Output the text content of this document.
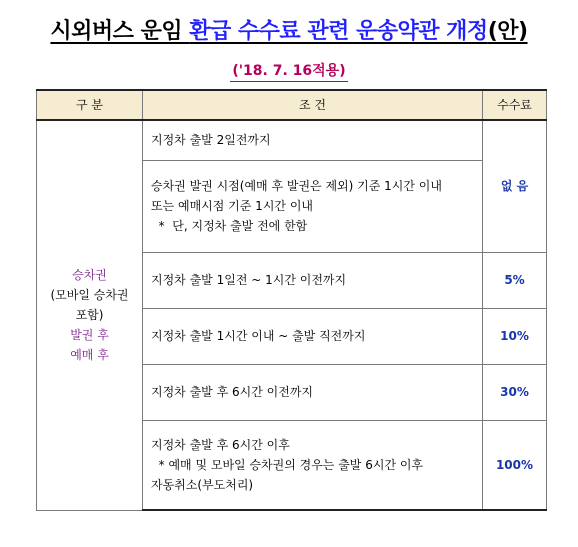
시외버스 운임 환급 수수료 관련 운송약관 개정(안)
('18. 7. 16적용)
구 분	조 건	수수료

승차권
(모바일 승차권
포함)
발권 후
예매 후	지정차 출발 2일전까지	없 음

	승차권 발권 시점(예매 후 발권은 제외) 기준 1시간 이내
또는 예매시점 기준 1시간 이내
*  단, 지정차 출발 전에 한함	

	지정차 출발 1일전 ~ 1시간 이전까지	5%

	지정차 출발 1시간 이내 ~ 출발 직전까지	10%

	지정차 출발 후 6시간 이전까지	30%

	지정차 출발 후 6시간 이후
* 예매 및 모바일 승차권의 경우는 출발 6시간 이후
자동취소(부도처리)	100%
